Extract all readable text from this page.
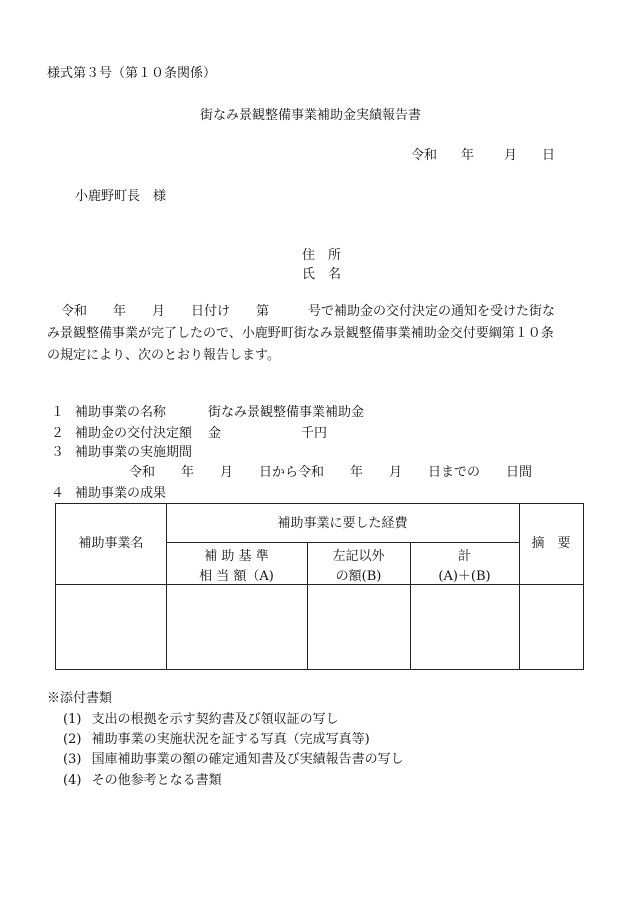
様式第３号（第１０条関係）
街なみ景観整備事業補助金実績報告書
令和 年 月 日
小鹿野町長　様
住　所
氏　名
令和　　年　　月　　日付け　　第　　　号で補助金の交付決定の通知を受けた街な
み景観整備事業が完了したので、小鹿野町街なみ景観整備事業補助金交付要綱第１０条
の規定により、次のとおり報告します。
１ 補助事業の名称	街なみ景観整備事業補助金
２ 補助金の交付決定額 金	千円
３ 補助事業の実施期間
令和　　年　　月　　日から令和　　年　　月　　日までの　　日間
４ 補助事業の成果
補助事業名
補助事業に要した経費
補 助 基 準
相 当 額（A)
左記以外
の額(B)
計
(A)＋(B)
摘　要
※添付書類
(1) 支出の根拠を示す契約書及び領収証の写し
(2) 補助事業の実施状況を証する写真（完成写真等)
(3) 国庫補助事業の額の確定通知書及び実績報告書の写し
(4) その他参考となる書類
